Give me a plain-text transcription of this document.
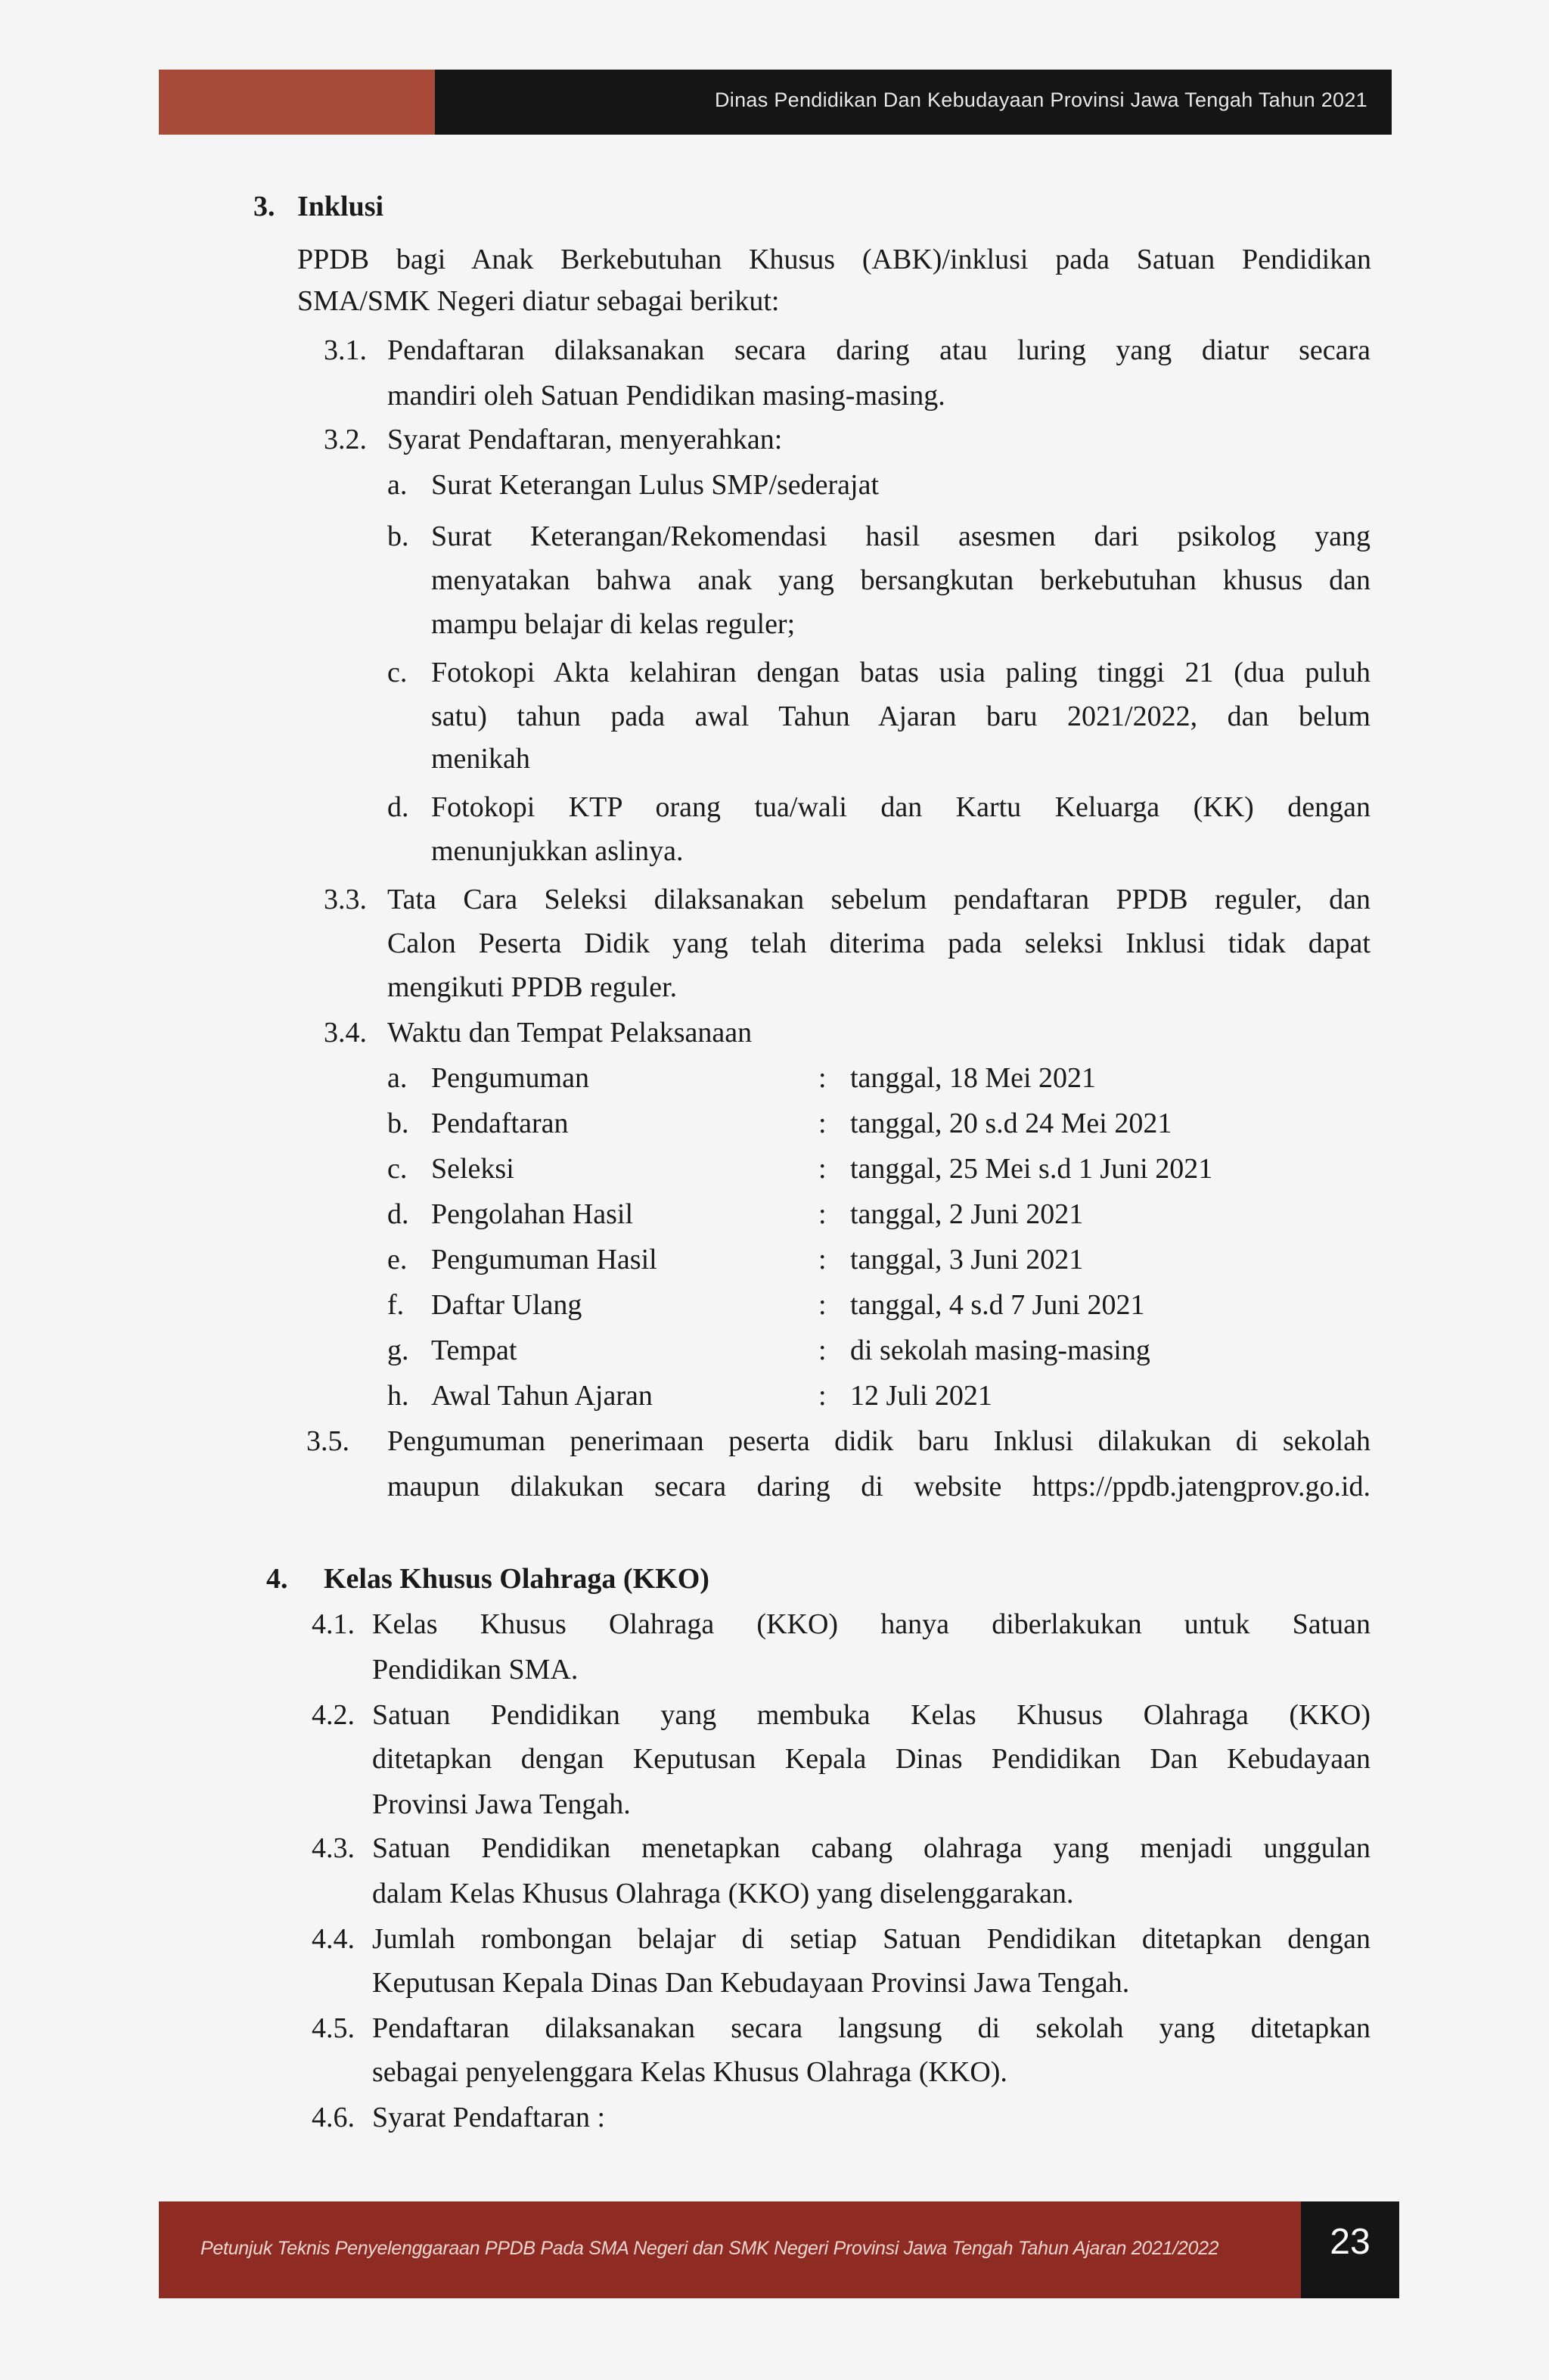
Dinas Pendidikan Dan Kebudayaan Provinsi Jawa Tengah Tahun 2021
3. Inklusi
PPDB bagi Anak Berkebutuhan Khusus (ABK)/inklusi pada Satuan Pendidikan
SMA/SMK Negeri diatur sebagai berikut:
3.1. Pendaftaran dilaksanakan secara daring atau luring yang diatur secara
mandiri oleh Satuan Pendidikan masing-masing.
3.2. Syarat Pendaftaran, menyerahkan:
a. Surat Keterangan Lulus SMP/sederajat
b. Surat Keterangan/Rekomendasi hasil asesmen dari psikolog yang
menyatakan bahwa anak yang bersangkutan berkebutuhan khusus dan
mampu belajar di kelas reguler;
c. Fotokopi Akta kelahiran dengan batas usia paling tinggi 21 (dua puluh
satu) tahun pada awal Tahun Ajaran baru 2021/2022, dan belum
menikah
d. Fotokopi KTP orang tua/wali dan Kartu Keluarga (KK) dengan
menunjukkan aslinya.
3.3. Tata Cara Seleksi dilaksanakan sebelum pendaftaran PPDB reguler, dan
Calon Peserta Didik yang telah diterima pada seleksi Inklusi tidak dapat
mengikuti PPDB reguler.
3.4. Waktu dan Tempat Pelaksanaan
a. Pengumuman	: tanggal, 18 Mei 2021
b. Pendaftaran	: tanggal, 20 s.d 24 Mei 2021
c. Seleksi	: tanggal, 25 Mei s.d 1 Juni 2021
d. Pengolahan Hasil	: tanggal, 2 Juni 2021
e. Pengumuman Hasil	: tanggal, 3 Juni 2021
f. Daftar Ulang	: tanggal, 4 s.d 7 Juni 2021
g. Tempat	: di sekolah masing-masing
h. Awal Tahun Ajaran	: 12 Juli 2021
3.5. Pengumuman penerimaan peserta didik baru Inklusi dilakukan di sekolah
maupun dilakukan secara daring di website https://ppdb.jatengprov.go.id.
4. Kelas Khusus Olahraga (KKO)
4.1. Kelas Khusus Olahraga (KKO) hanya diberlakukan untuk Satuan
Pendidikan SMA.
4.2. Satuan Pendidikan yang membuka Kelas Khusus Olahraga (KKO)
ditetapkan dengan Keputusan Kepala Dinas Pendidikan Dan Kebudayaan
Provinsi Jawa Tengah.
4.3. Satuan Pendidikan menetapkan cabang olahraga yang menjadi unggulan
dalam Kelas Khusus Olahraga (KKO) yang diselenggarakan.
4.4. Jumlah rombongan belajar di setiap Satuan Pendidikan ditetapkan dengan
Keputusan Kepala Dinas Dan Kebudayaan Provinsi Jawa Tengah.
4.5. Pendaftaran dilaksanakan secara langsung di sekolah yang ditetapkan
sebagai penyelenggara Kelas Khusus Olahraga (KKO).
4.6. Syarat Pendaftaran :
Petunjuk Teknis Penyelenggaraan PPDB Pada SMA Negeri dan SMK Negeri Provinsi Jawa Tengah Tahun Ajaran 2021/2022	23
